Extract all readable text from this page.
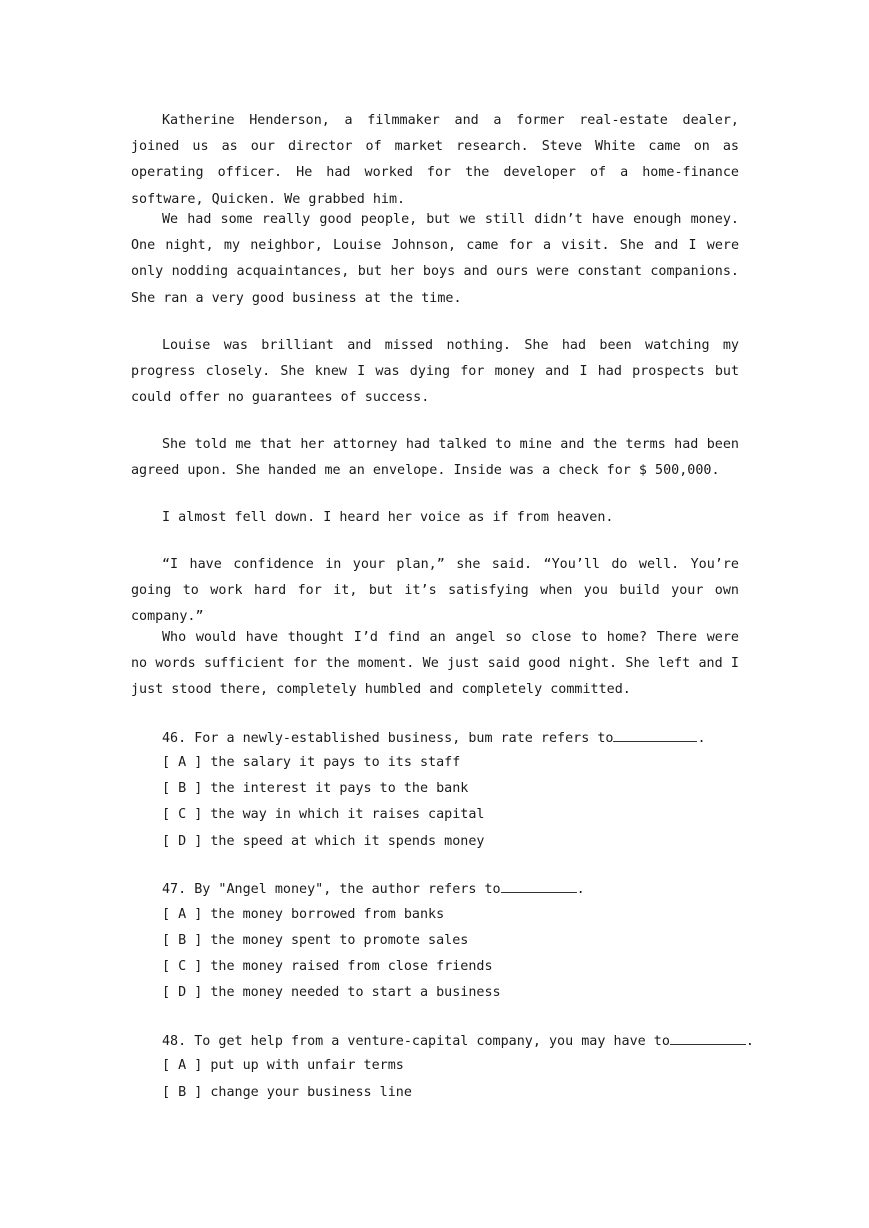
Katherine Henderson, a filmmaker and a former real-estate dealer, joined us as our director of market research. Steve White came on as operating officer. He had worked for the developer of a home-finance software, Quicken. We grabbed him.

We had some really good people, but we still didn’t have enough money. One night, my neighbor, Louise Johnson, came for a visit. She and I were only nodding acquaintances, but her boys and ours were constant companions. She ran a very good business at the time.

Louise was brilliant and missed nothing. She had been watching my progress closely. She knew I was dying for money and I had prospects but could offer no guarantees of success.

She told me that her attorney had talked to mine and the terms had been agreed upon. She handed me an envelope. Inside was a check for $ 500,000.

I almost fell down. I heard her voice as if from heaven.

“I have confidence in your plan,” she said. “You’ll do well. You’re going to work hard for it, but it’s satisfying when you build your own company.”

Who would have thought I’d find an angel so close to home? There were no words sufficient for the moment. We just said good night. She left and I just stood there, completely humbled and completely committed.

46. For a newly-established business, bum rate refers to	.
[ A ] the salary it pays to its staff
[ B ] the interest it pays to the bank
[ C ] the way in which it raises capital
[ D ] the speed at which it spends money
47. By "Angel money", the author refers to	.
[ A ] the money borrowed from banks
[ B ] the money spent to promote sales
[ C ] the money raised from close friends
[ D ] the money needed to start a business
48. To get help from a venture-capital company, you may have to	.
[ A ] put up with unfair terms
[ B ] change your business line
